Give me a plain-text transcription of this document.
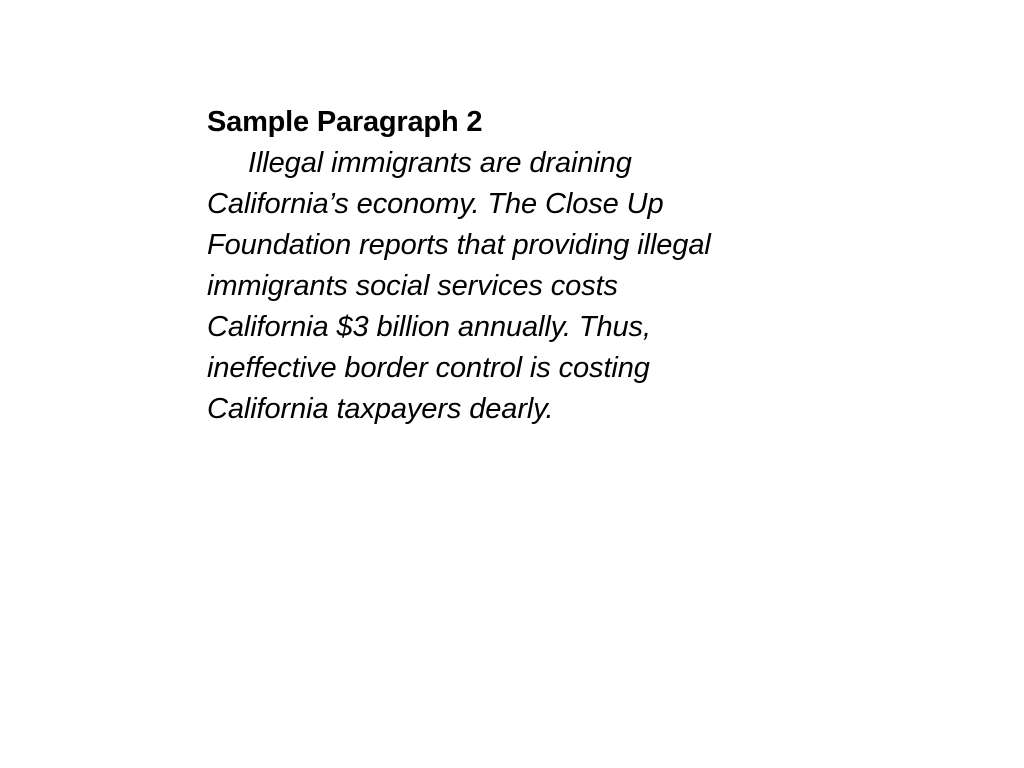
Sample Paragraph 2

Illegal immigrants are draining
California’s economy. The Close Up
Foundation reports that providing illegal
immigrants social services costs
California $3 billion annually. Thus,
ineffective border control is costing
California taxpayers dearly.
